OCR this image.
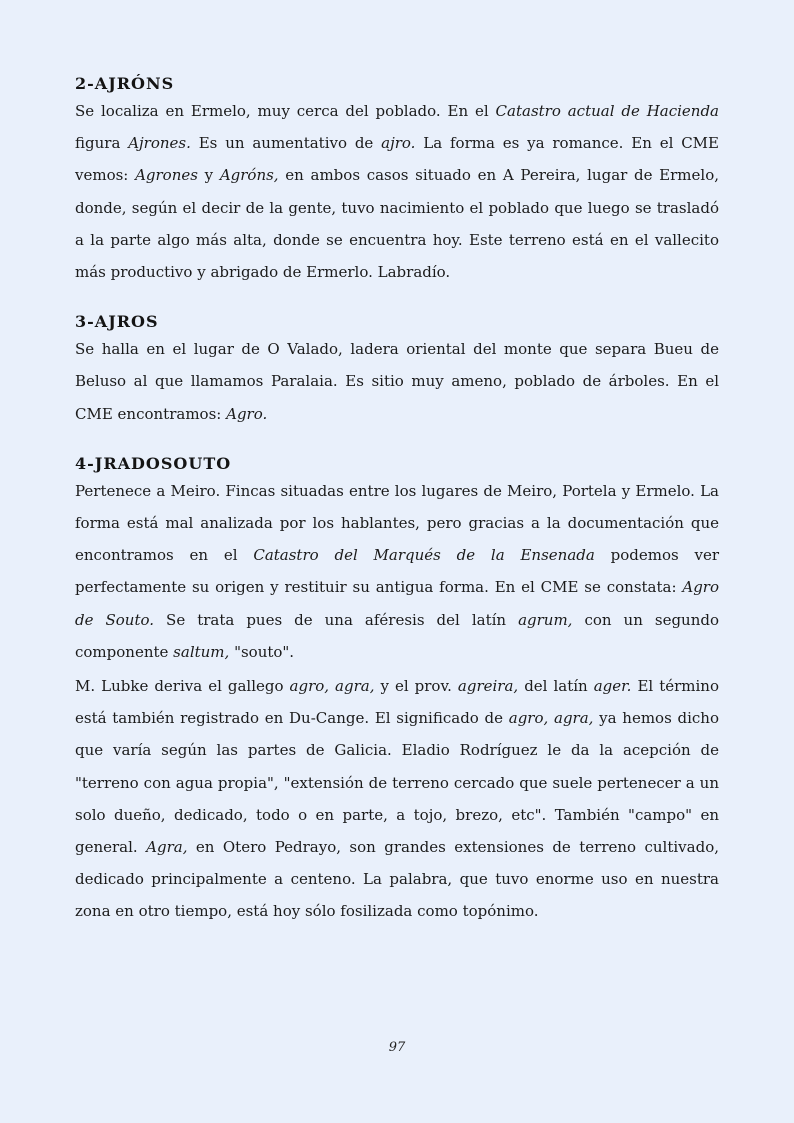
2-AJRÓNS

Se localiza en Ermelo, muy cerca del poblado. En el Catastro actual de Hacienda figura Ajrones. Es un aumentativo de ajro. La forma es ya romance. En el CME vemos: Agrones y Agróns, en ambos casos situado en A Pereira, lugar de Ermelo, donde, según el decir de la gente, tuvo nacimiento el poblado que luego se trasladó a la parte algo más alta, donde se encuentra hoy. Este terreno está en el vallecito más productivo y abrigado de Ermerlo. Labradío.

3-AJROS

Se halla en el lugar de O Valado, ladera oriental del monte que separa Bueu de Beluso al que llamamos Paralaia. Es sitio muy ameno, poblado de árboles. En el CME encontramos: Agro.

4-JRADOSOUTO

Pertenece a Meiro. Fincas situadas entre los lugares de Meiro, Portela y Ermelo. La forma está mal analizada por los hablantes, pero gracias a la documentación que encontramos en el Catastro del Marqués de la Ensenada podemos ver perfectamente su origen y restituir su antigua forma. En el CME se constata: Agro de Souto. Se trata pues de una aféresis del latín agrum, con un segundo componente saltum, "souto".

M. Lubke deriva el gallego agro, agra, y el prov. agreira, del latín ager. El término está también registrado en Du-Cange. El significado de agro, agra, ya hemos dicho que varía según las partes de Galicia. Eladio Rodríguez le da la acepción de "terreno con agua propia", "extensión de terreno cercado que suele pertenecer a un solo dueño, dedicado, todo o en parte, a tojo, brezo, etc". También "campo" en general. Agra, en Otero Pedrayo, son grandes extensiones de terreno cultivado, dedicado principalmente a centeno. La palabra, que tuvo enorme uso en nuestra zona en otro tiempo, está hoy sólo fosilizada como topónimo.

97
